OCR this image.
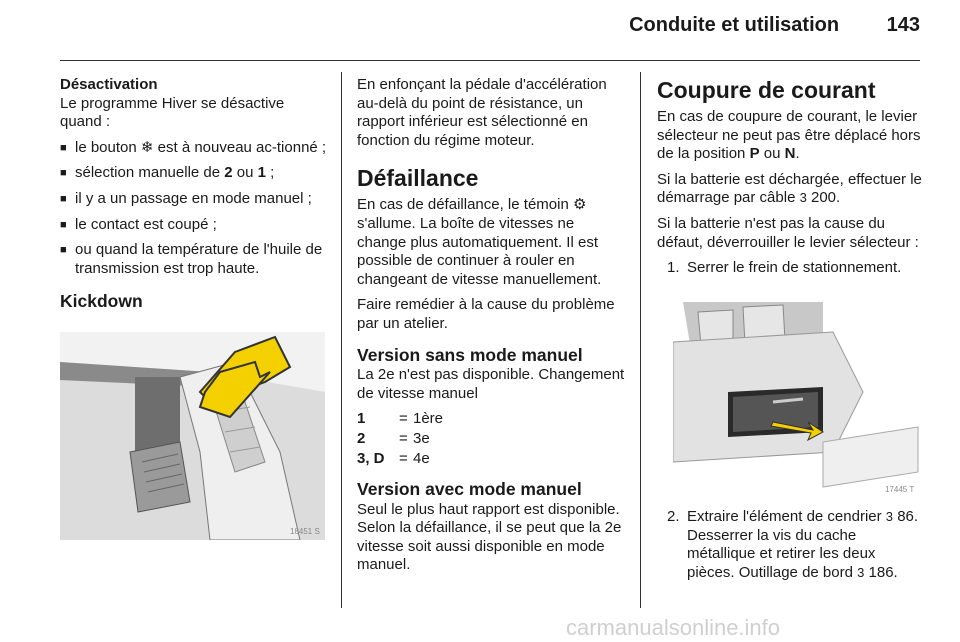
Conduite et utilisation 143
Désactivation

Le programme Hiver se désactive quand :

■ le bouton ❄ est à nouveau ac-tionné ;
■ sélection manuelle de 2 ou 1 ;
■ il y a un passage en mode manuel ;
■ le contact est coupé ;
■ ou quand la température de l'huile de transmission est trop haute.
Kickdown
18451 S

En enfonçant la pédale d'accélération au-delà du point de résistance, un rapport inférieur est sélectionné en fonction du régime moteur.

Défaillance

En cas de défaillance, le témoin ⚙ s'allume. La boîte de vitesses ne change plus automatiquement. Il est possible de continuer à rouler en changeant de vitesse manuellement.

Faire remédier à la cause du problème par un atelier.

Version sans mode manuel

La 2e n'est pas disponible. Changement de vitesse manuel

1	= 1ère
2	= 3e
3, D = 4e
Version avec mode manuel

Seul le plus haut rapport est disponible. Selon la défaillance, il se peut que la 2e vitesse soit aussi disponible en mode manuel.

Coupure de courant

En cas de coupure de courant, le levier sélecteur ne peut pas être déplacé hors de la position P ou N.

Si la batterie est déchargée, effectuer le démarrage par câble 3 200.

Si la batterie n'est pas la cause du défaut, déverrouiller le levier sélecteur :

1. Serrer le frein de stationnement.
17445 T
2. Extraire l'élément de cendrier 3 86. Desserrer la vis du cache métallique et retirer les deux pièces. Outillage de bord 3 186.
carmanualsonline.info
